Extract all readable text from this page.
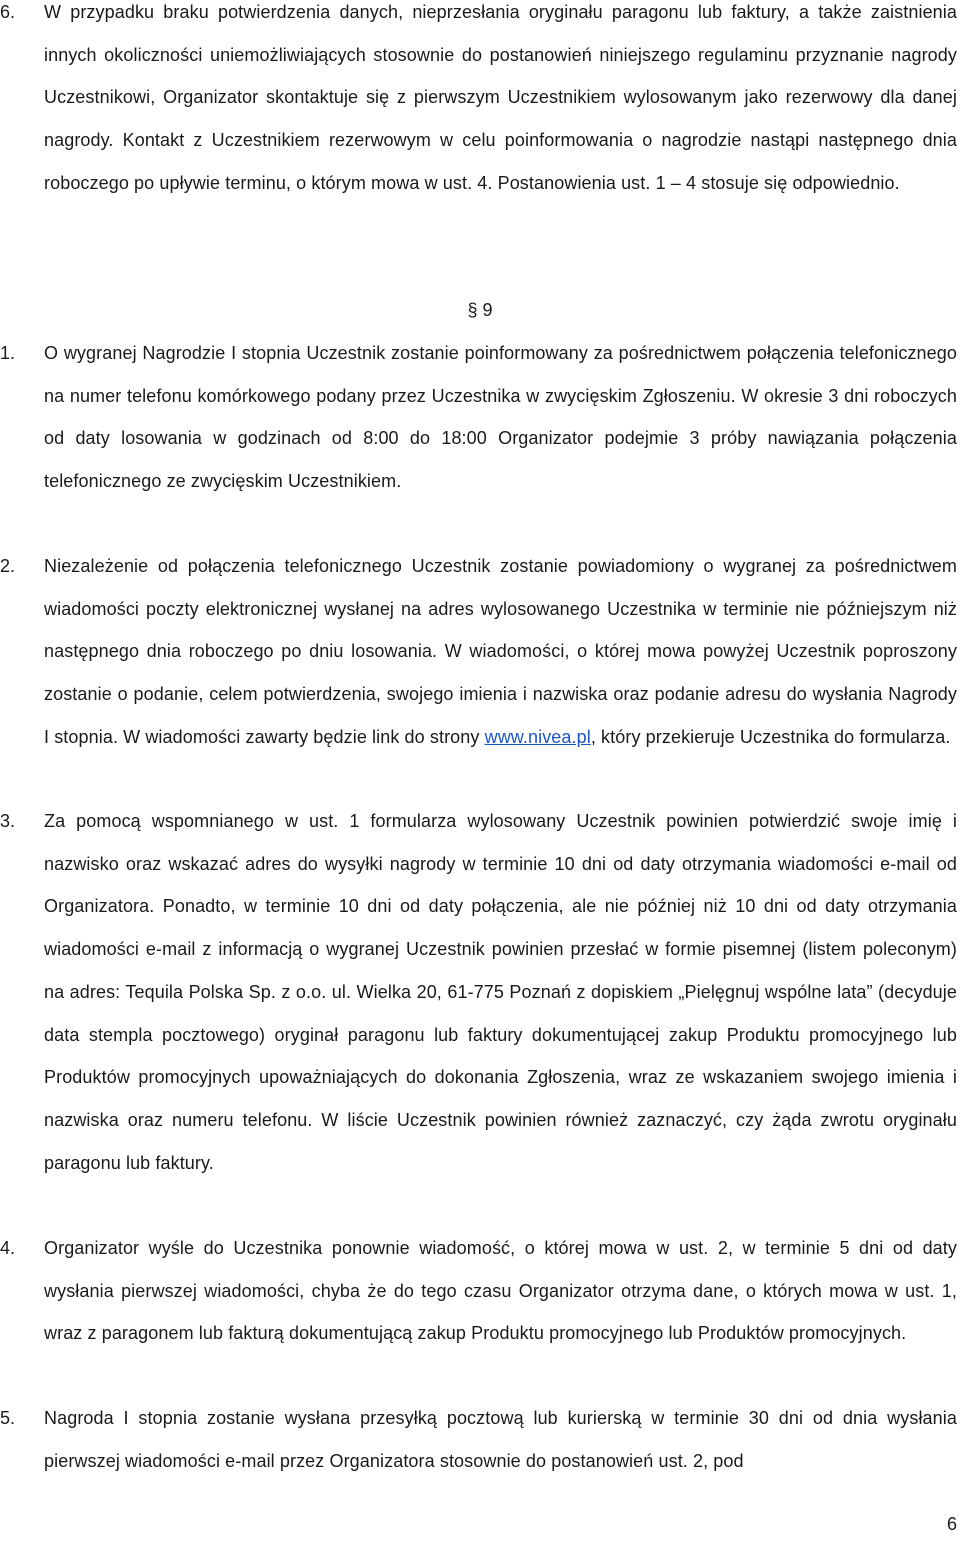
6.	W przypadku braku potwierdzenia danych, nieprzesłania oryginału paragonu lub faktury, a także zaistnienia innych okoliczności uniemożliwiających stosownie do postanowień niniejszego regulaminu przyznanie nagrody Uczestnikowi, Organizator skontaktuje się z pierwszym Uczestnikiem wylosowanym jako rezerwowy dla danej nagrody. Kontakt z Uczestnikiem rezerwowym w celu poinformowania o nagrodzie nastąpi następnego dnia roboczego po upływie terminu, o którym mowa w ust. 4. Postanowienia ust. 1 – 4 stosuje się odpowiednio.
§ 9
1.	O wygranej Nagrodzie I stopnia Uczestnik zostanie poinformowany za pośrednictwem połączenia telefonicznego na numer telefonu komórkowego podany przez Uczestnika w zwycięskim Zgłoszeniu. W okresie 3 dni roboczych od daty losowania w godzinach od 8:00 do 18:00 Organizator podejmie 3 próby nawiązania połączenia telefonicznego ze zwycięskim Uczestnikiem.
2.	Niezależenie od połączenia telefonicznego Uczestnik zostanie powiadomiony o wygranej za pośrednictwem wiadomości poczty elektronicznej wysłanej na adres wylosowanego Uczestnika w terminie nie późniejszym niż następnego dnia roboczego po dniu losowania. W wiadomości, o której mowa powyżej Uczestnik poproszony zostanie o podanie, celem potwierdzenia, swojego imienia i nazwiska oraz podanie adresu do wysłania Nagrody I stopnia. W wiadomości zawarty będzie link do strony www.nivea.pl, który przekieruje Uczestnika do formularza.
3.	Za pomocą wspomnianego w ust. 1 formularza wylosowany Uczestnik powinien potwierdzić swoje imię i nazwisko oraz wskazać adres do wysyłki nagrody w terminie 10 dni od daty otrzymania wiadomości e-mail od Organizatora. Ponadto, w terminie 10 dni od daty połączenia, ale nie później niż 10 dni od daty otrzymania wiadomości e-mail z informacją o wygranej Uczestnik powinien przesłać w formie pisemnej (listem poleconym) na adres: Tequila Polska Sp. z o.o. ul. Wielka 20, 61-775 Poznań z dopiskiem „Pielęgnuj wspólne lata” (decyduje data stempla pocztowego) oryginał paragonu lub faktury dokumentującej zakup Produktu promocyjnego lub Produktów promocyjnych upoważniających do dokonania Zgłoszenia, wraz ze wskazaniem swojego imienia i nazwiska oraz numeru telefonu. W liście Uczestnik powinien również zaznaczyć, czy żąda zwrotu oryginału paragonu lub faktury.
4.	Organizator wyśle do Uczestnika ponownie wiadomość, o której mowa w ust. 2, w terminie 5 dni od daty wysłania pierwszej wiadomości, chyba że do tego czasu Organizator otrzyma dane, o których mowa w ust. 1, wraz z paragonem lub fakturą dokumentującą zakup Produktu promocyjnego lub Produktów promocyjnych.
5.	Nagroda I stopnia zostanie wysłana przesyłką pocztową lub kurierską w terminie 30 dni od dnia wysłania pierwszej wiadomości e-mail przez Organizatora stosownie do postanowień ust. 2, pod
6
